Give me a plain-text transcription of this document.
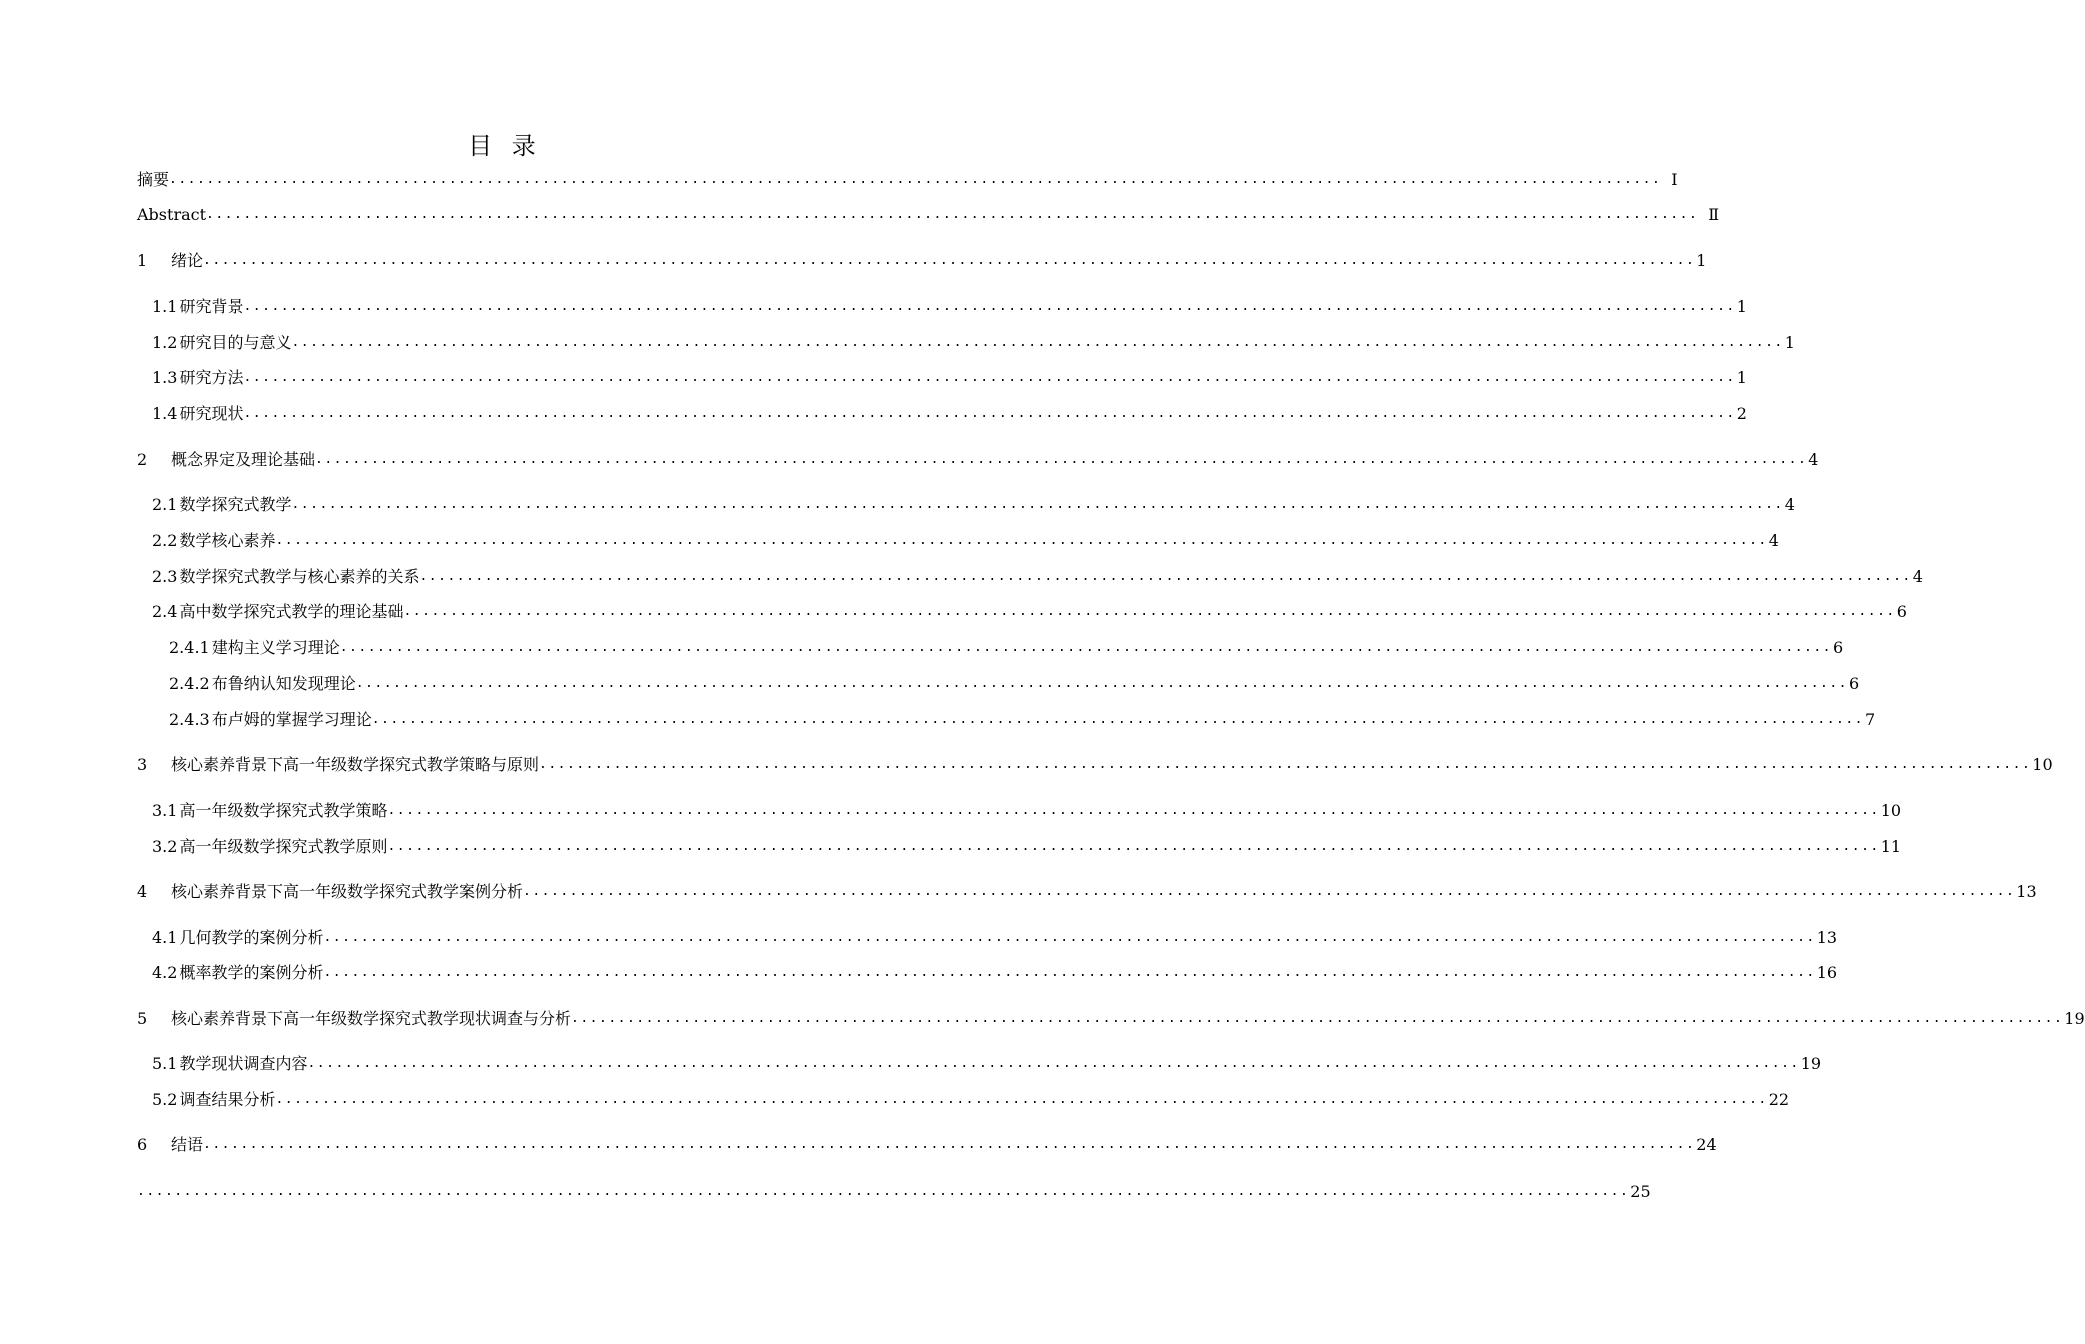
目 录
摘要 ................................................................................................................................................................ Ⅰ
Abstract ................................................................................................................................................................ Ⅱ
1 绪论 ................................................................................................................................................................ 1
1.1 研究背景 ................................................................................................................................................................ 1
1.2 研究目的与意义 ................................................................................................................................................................ 1
1.3 研究方法 ................................................................................................................................................................ 1
1.4 研究现状 ................................................................................................................................................................ 2
2 概念界定及理论基础 ................................................................................................................................................................ 4
2.1 数学探究式教学 ................................................................................................................................................................ 4
2.2 数学核心素养 ................................................................................................................................................................ 4
2.3 数学探究式教学与核心素养的关系 ................................................................................................................................................................ 4
2.4 高中数学探究式教学的理论基础 ................................................................................................................................................................ 6
2.4.1 建构主义学习理论 ................................................................................................................................................................ 6
2.4.2 布鲁纳认知发现理论 ................................................................................................................................................................ 6
2.4.3 布卢姆的掌握学习理论 ................................................................................................................................................................ 7
3 核心素养背景下高一年级数学探究式教学策略与原则 ................................................................................................................................................................ 10
3.1 高一年级数学探究式教学策略 ................................................................................................................................................................ 10
3.2 高一年级数学探究式教学原则 ................................................................................................................................................................ 11
4 核心素养背景下高一年级数学探究式教学案例分析 ................................................................................................................................................................ 13
4.1 几何教学的案例分析 ................................................................................................................................................................ 13
4.2 概率教学的案例分析 ................................................................................................................................................................ 16
5 核心素养背景下高一年级数学探究式教学现状调查与分析 ................................................................................................................................................................ 19
5.1 教学现状调查内容 ................................................................................................................................................................ 19
5.2 调查结果分析 ................................................................................................................................................................ 22
6 结语 ................................................................................................................................................................ 24
................................................................................................................................................................ 25
